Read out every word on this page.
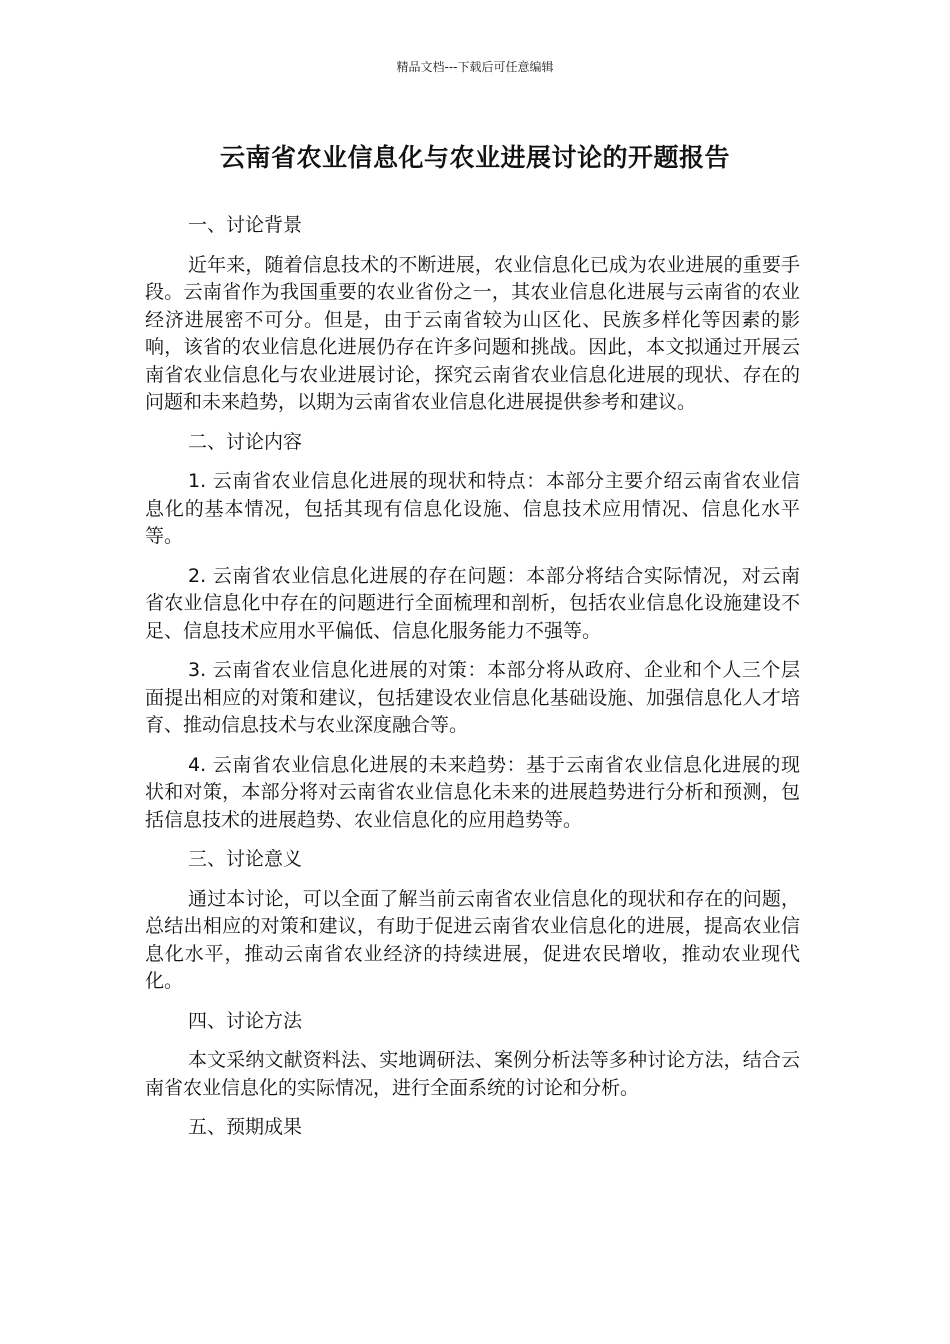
精品文档---下载后可任意编辑
云南省农业信息化与农业进展讨论的开题报告

一、讨论背景

近年来，随着信息技术的不断进展，农业信息化已成为农业进展的重要手段。云南省作为我国重要的农业省份之一，其农业信息化进展与云南省的农业经济进展密不可分。但是，由于云南省较为山区化、民族多样化等因素的影响，该省的农业信息化进展仍存在许多问题和挑战。因此，本文拟通过开展云南省农业信息化与农业进展讨论，探究云南省农业信息化进展的现状、存在的问题和未来趋势，以期为云南省农业信息化进展提供参考和建议。

二、讨论内容

1. 云南省农业信息化进展的现状和特点：本部分主要介绍云南省农业信息化的基本情况，包括其现有信息化设施、信息技术应用情况、信息化水平等。

2. 云南省农业信息化进展的存在问题：本部分将结合实际情况，对云南省农业信息化中存在的问题进行全面梳理和剖析，包括农业信息化设施建设不足、信息技术应用水平偏低、信息化服务能力不强等。

3. 云南省农业信息化进展的对策：本部分将从政府、企业和个人三个层面提出相应的对策和建议，包括建设农业信息化基础设施、加强信息化人才培育、推动信息技术与农业深度融合等。

4. 云南省农业信息化进展的未来趋势：基于云南省农业信息化进展的现状和对策，本部分将对云南省农业信息化未来的进展趋势进行分析和预测，包括信息技术的进展趋势、农业信息化的应用趋势等。

三、讨论意义

通过本讨论，可以全面了解当前云南省农业信息化的现状和存在的问题，总结出相应的对策和建议，有助于促进云南省农业信息化的进展，提高农业信息化水平，推动云南省农业经济的持续进展，促进农民增收，推动农业现代化。

四、讨论方法

本文采纳文献资料法、实地调研法、案例分析法等多种讨论方法，结合云南省农业信息化的实际情况，进行全面系统的讨论和分析。

五、预期成果
